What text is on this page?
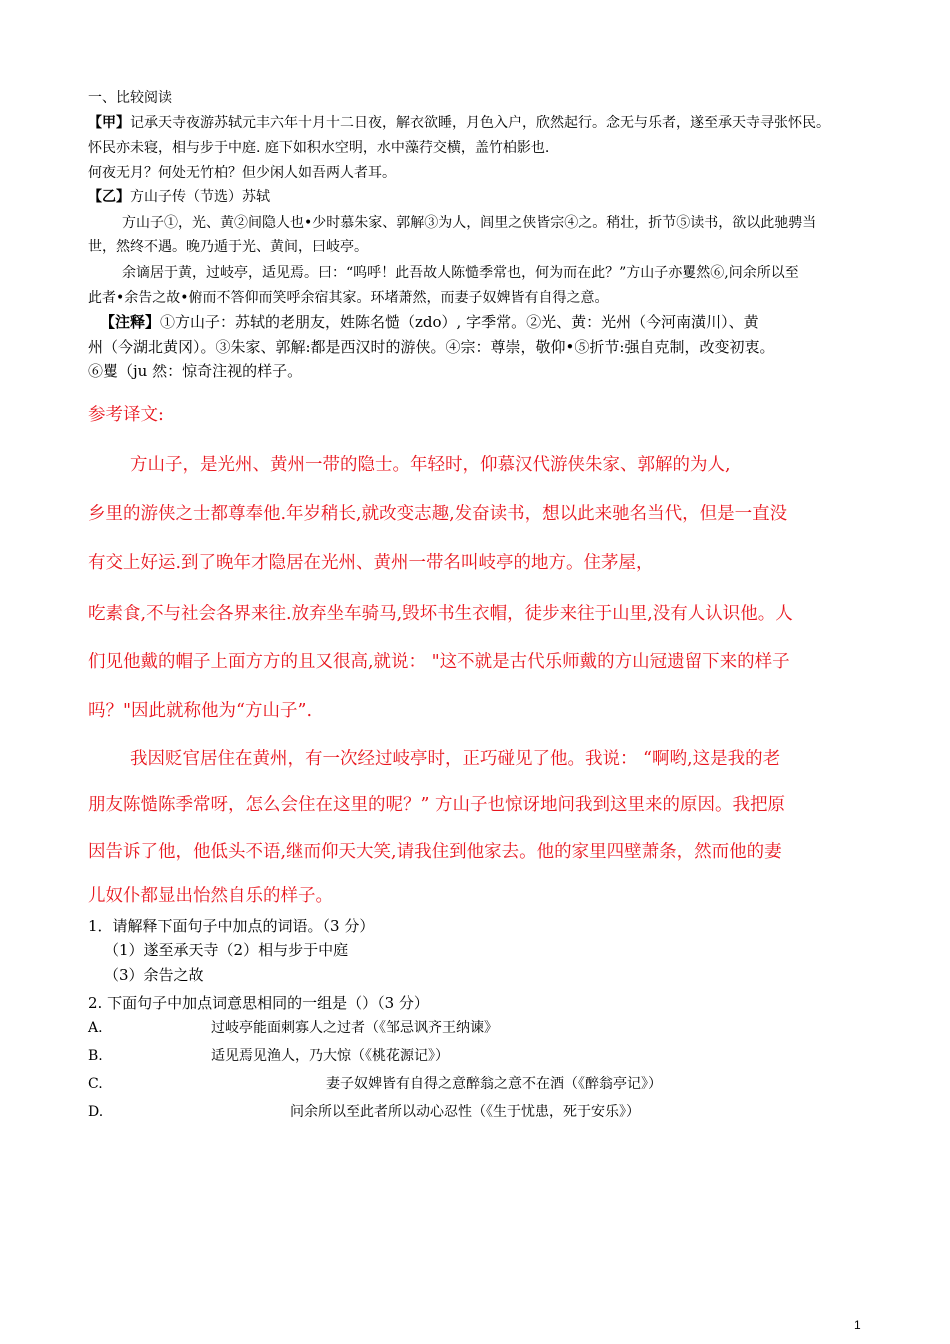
一、比较阅读
【甲】记承天寺夜游苏轼元丰六年十月十二日夜，解衣欲睡，月色入户，欣然起行。念无与乐者，遂至承天寺寻张怀民。
怀民亦未寝，相与步于中庭. 庭下如积水空明，水中藻荇交横，盖竹柏影也.
何夜无月？何处无竹柏？但少闲人如吾两人者耳。
【乙】方山子传（节选）苏轼
方山子①，光、黄②间隐人也•少时慕朱家、郭解③为人，闾里之侠皆宗④之。稍壮，折节⑤读书，欲以此驰骋当
世，然终不遇。晚乃遁于光、黄间，曰岐亭。
余谪居于黄，过岐亭，适见焉。曰：“呜呼！此吾故人陈慥季常也，何为而在此？”方山子亦矍然⑥,问余所以至
此者•余告之故•俯而不答仰而笑呼余宿其家。环堵萧然，而妻子奴婢皆有自得之意。
【注释】①方山子：苏轼的老朋友，姓陈名慥（zdo）, 字季常。②光、黄：光州（今河南潢川）、黄
州（今湖北黄冈）。③朱家、郭解:都是西汉时的游侠。④宗：尊崇，敬仰•⑤折节:强自克制，改变初衷。
⑥矍（ju 然：惊奇注视的样子。
参考译文:
方山子，是光州、黄州一带的隐士。年轻时，仰慕汉代游侠朱家、郭解的为人,
乡里的游侠之士都尊奉他.年岁稍长,就改变志趣,发奋读书，想以此来驰名当代，但是一直没
有交上好运.到了晚年才隐居在光州、黄州一带名叫岐亭的地方。住茅屋，
吃素食,不与社会各界来往.放弃坐车骑马,毁坏书生衣帽，徒步来往于山里,没有人认识他。人
们见他戴的帽子上面方方的且又很高,就说： "这不就是古代乐师戴的方山冠遗留下来的样子
吗？"因此就称他为“方山子”.
我因贬官居住在黄州，有一次经过岐亭时，正巧碰见了他。我说： “啊哟,这是我的老
朋友陈慥陈季常呀，怎么会住在这里的呢？” 方山子也惊讶地问我到这里来的原因。我把原
因告诉了他，他低头不语,继而仰天大笑,请我住到他家去。他的家里四壁萧条，然而他的妻
儿奴仆都显出怡然自乐的样子。
1．请解释下面句子中加点的词语。（3 分）
（1）遂至承天寺（2）相与步于中庭
（3）余告之故
2. 下面句子中加点词意思相同的一组是（）（3 分）
A.	过岐亭能面刺寡人之过者（《邹忌讽齐王纳谏》
B.	适见焉见渔人，乃大惊（《桃花源记》）
C.	妻子奴婢皆有自得之意醉翁之意不在酒（《醉翁亭记》）
D.	问余所以至此者所以动心忍性（《生于忧患，死于安乐》）
1
